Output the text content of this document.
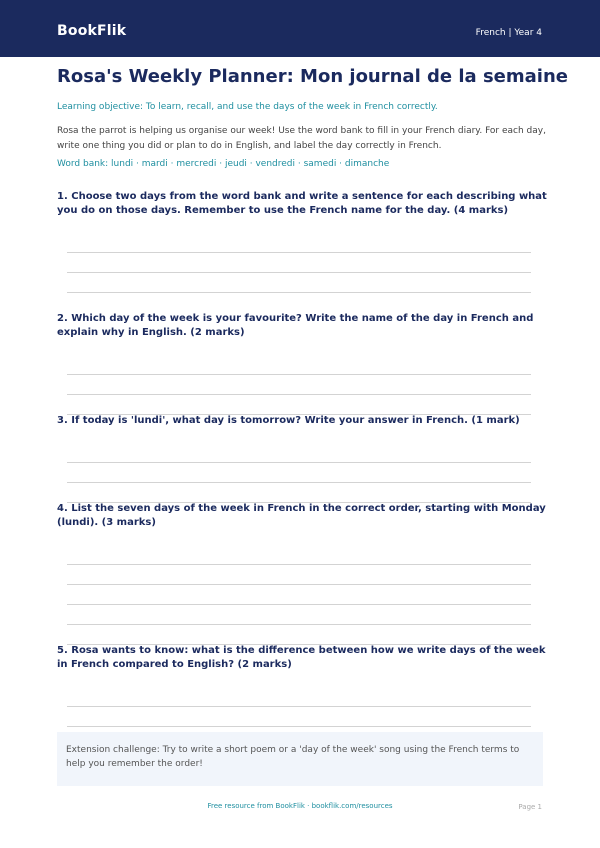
BookFlik	French | Year 4
Rosa's Weekly Planner: Mon journal de la semaine
Learning objective: To learn, recall, and use the days of the week in French correctly.
Rosa the parrot is helping us organise our week! Use the word bank to fill in your French diary. For each day, write one thing you did or plan to do in English, and label the day correctly in French.
Word bank: lundi · mardi · mercredi · jeudi · vendredi · samedi · dimanche
1. Choose two days from the word bank and write a sentence for each describing what you do on those days. Remember to use the French name for the day. (4 marks)
2. Which day of the week is your favourite? Write the name of the day in French and explain why in English. (2 marks)
3. If today is 'lundi', what day is tomorrow? Write your answer in French. (1 mark)
4. List the seven days of the week in French in the correct order, starting with Monday (lundi). (3 marks)
5. Rosa wants to know: what is the difference between how we write days of the week in French compared to English? (2 marks)
Extension challenge: Try to write a short poem or a 'day of the week' song using the French terms to help you remember the order!
Free resource from BookFlik · bookflik.com/resources	Page 1
